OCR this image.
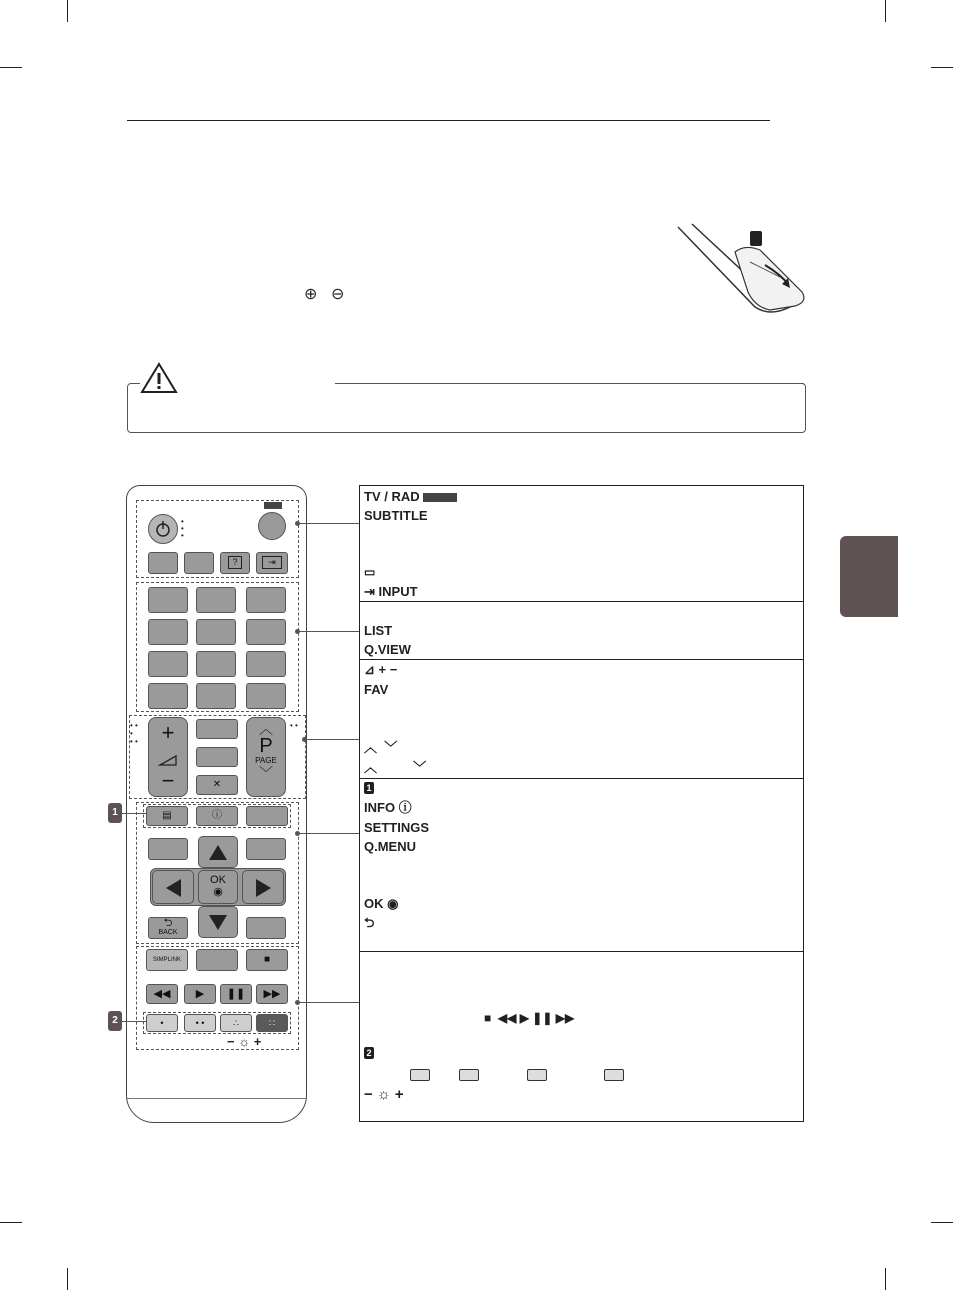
⊕ ⊖
•
•
•
?	⇥
+
−	✕
︿
P
PAGE
﹀
• •
•
• •
• •
▤	ⓘ
⮌
BACK
OK
◉
SIMPLINK	■
◀◀	▶	❚❚	▶▶
•	• •	∴	∷
− ☼ +
1
2
TV / RAD
SUBTITLE
▭
⇥ INPUT
LIST
Q.VIEW
⊿ + −
FAV
︿  ﹀
︿          ﹀
1
INFO ⓘ
SETTINGS
Q.MENU
OK ◉
⮌
■  ◀◀ ▶ ❚❚ ▶▶
2

− ☼ +
